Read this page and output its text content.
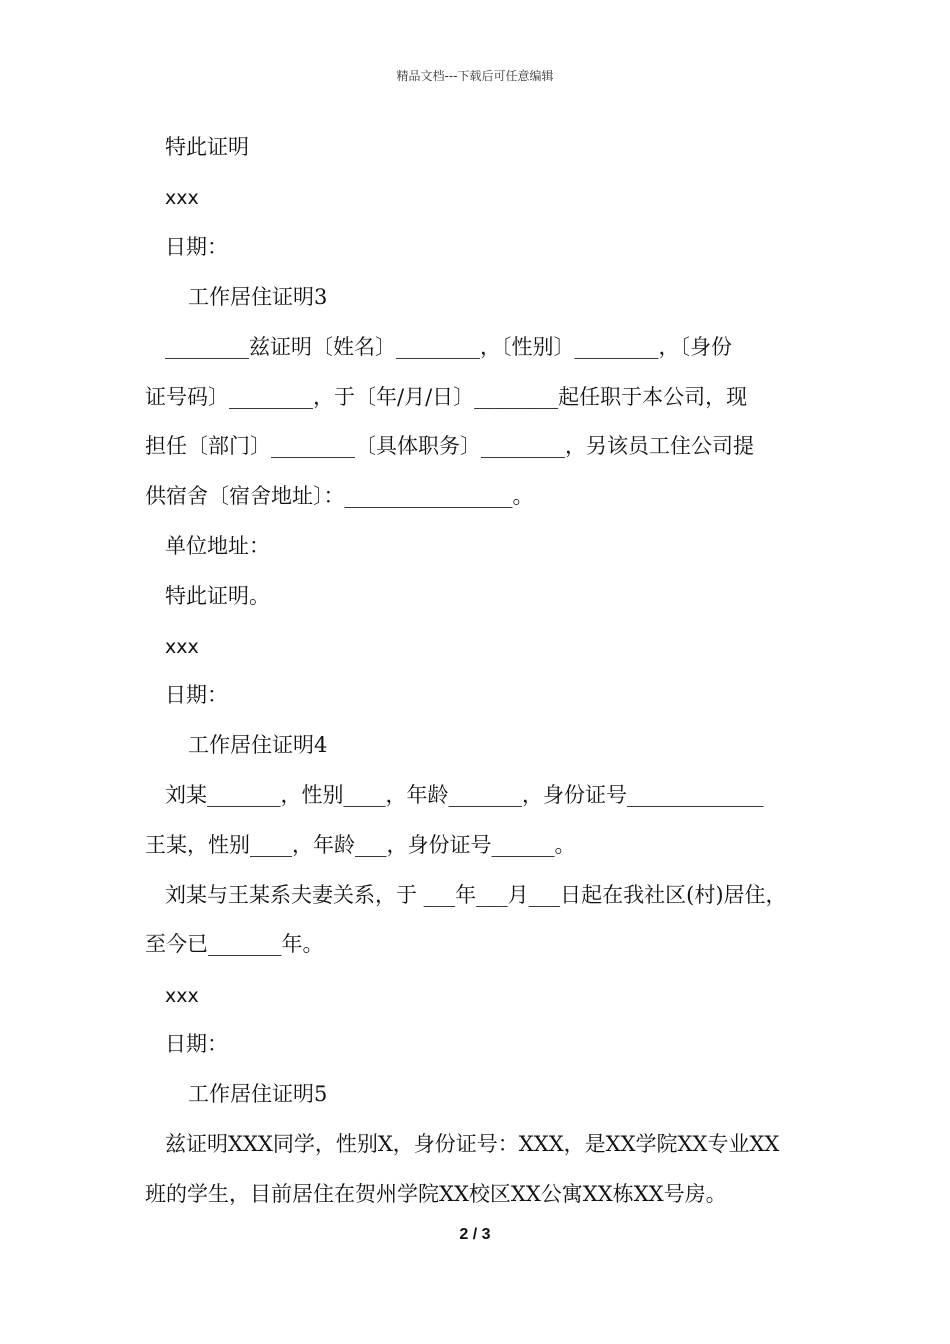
精品文档---下载后可任意编辑
特此证明
xxx
日期：
工作居住证明3
________兹证明〔姓名〕________，〔性别〕________，〔身份
证号码〕________，于〔年/月/日〕________起任职于本公司，现
担任〔部门〕________〔具体职务〕________，另该员工住公司提
供宿舍〔宿舍地址〕：________________。
单位地址：
特此证明。
xxx
日期：
工作居住证明4
刘某_______，性别____，年龄_______，身份证号_____________
王某，性别____，年龄___，身份证号______。
刘某与王某系夫妻关系，于 ___年___月___日起在我社区(村)居住，
至今已_______年。
xxx
日期：
工作居住证明5
兹证明XXX同学，性别X，身份证号：XXX，是XX学院XX专业XX
班的学生，目前居住在贺州学院XX校区XX公寓XX栋XX号房。
2 / 3
